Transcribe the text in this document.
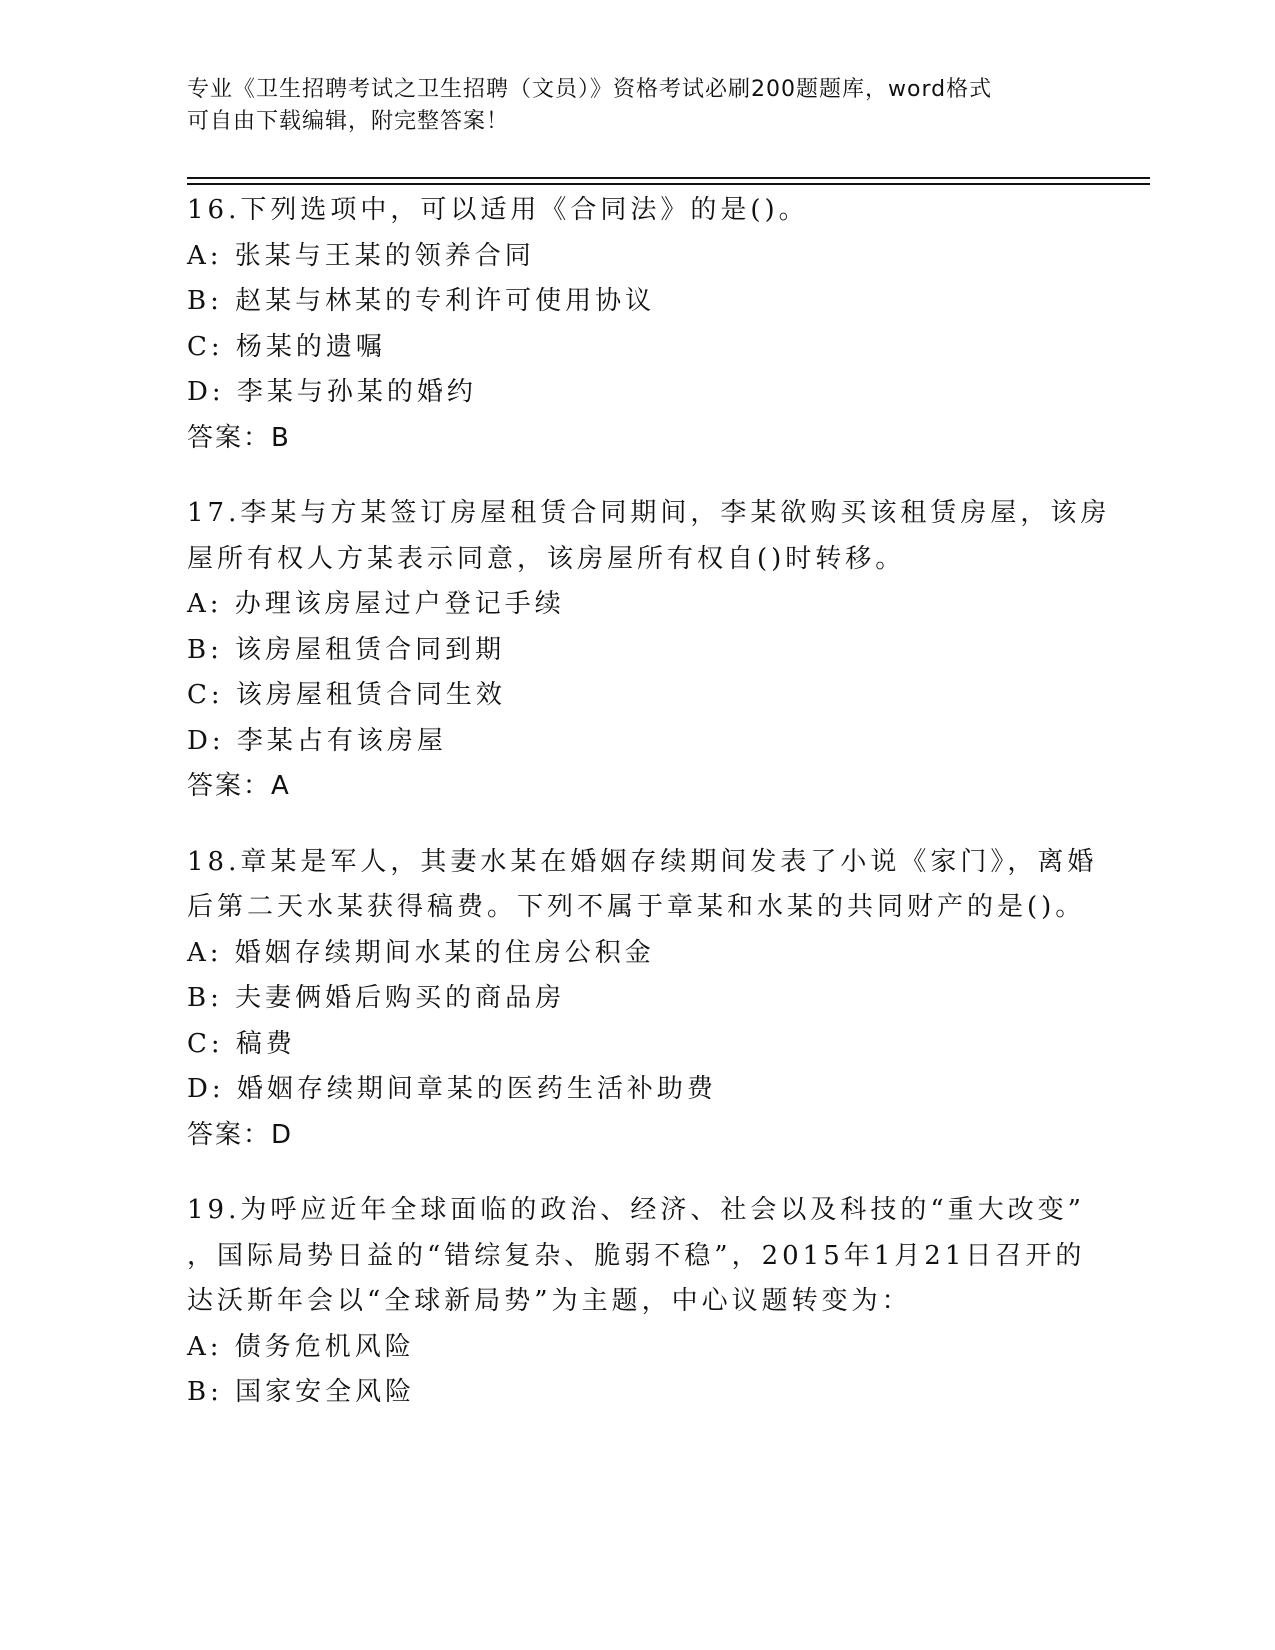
专业《卫生招聘考试之卫生招聘（文员）》资格考试必刷200题题库，word格式
可自由下载编辑，附完整答案！
16.下列选项中，可以适用《合同法》的是()。
A: 张某与王某的领养合同
B: 赵某与林某的专利许可使用协议
C: 杨某的遗嘱
D: 李某与孙某的婚约
答案：B
17.李某与方某签订房屋租赁合同期间，李某欲购买该租赁房屋，该房
屋所有权人方某表示同意，该房屋所有权自()时转移。
A: 办理该房屋过户登记手续
B: 该房屋租赁合同到期
C: 该房屋租赁合同生效
D: 李某占有该房屋
答案：A
18.章某是军人，其妻水某在婚姻存续期间发表了小说《家门》，离婚
后第二天水某获得稿费。下列不属于章某和水某的共同财产的是()。
A: 婚姻存续期间水某的住房公积金
B: 夫妻俩婚后购买的商品房
C: 稿费
D: 婚姻存续期间章某的医药生活补助费
答案：D
19.为呼应近年全球面临的政治、经济、社会以及科技的“重大改变”
，国际局势日益的“错综复杂、脆弱不稳”，2015年1月21日召开的
达沃斯年会以“全球新局势”为主题，中心议题转变为：
A: 债务危机风险
B: 国家安全风险
